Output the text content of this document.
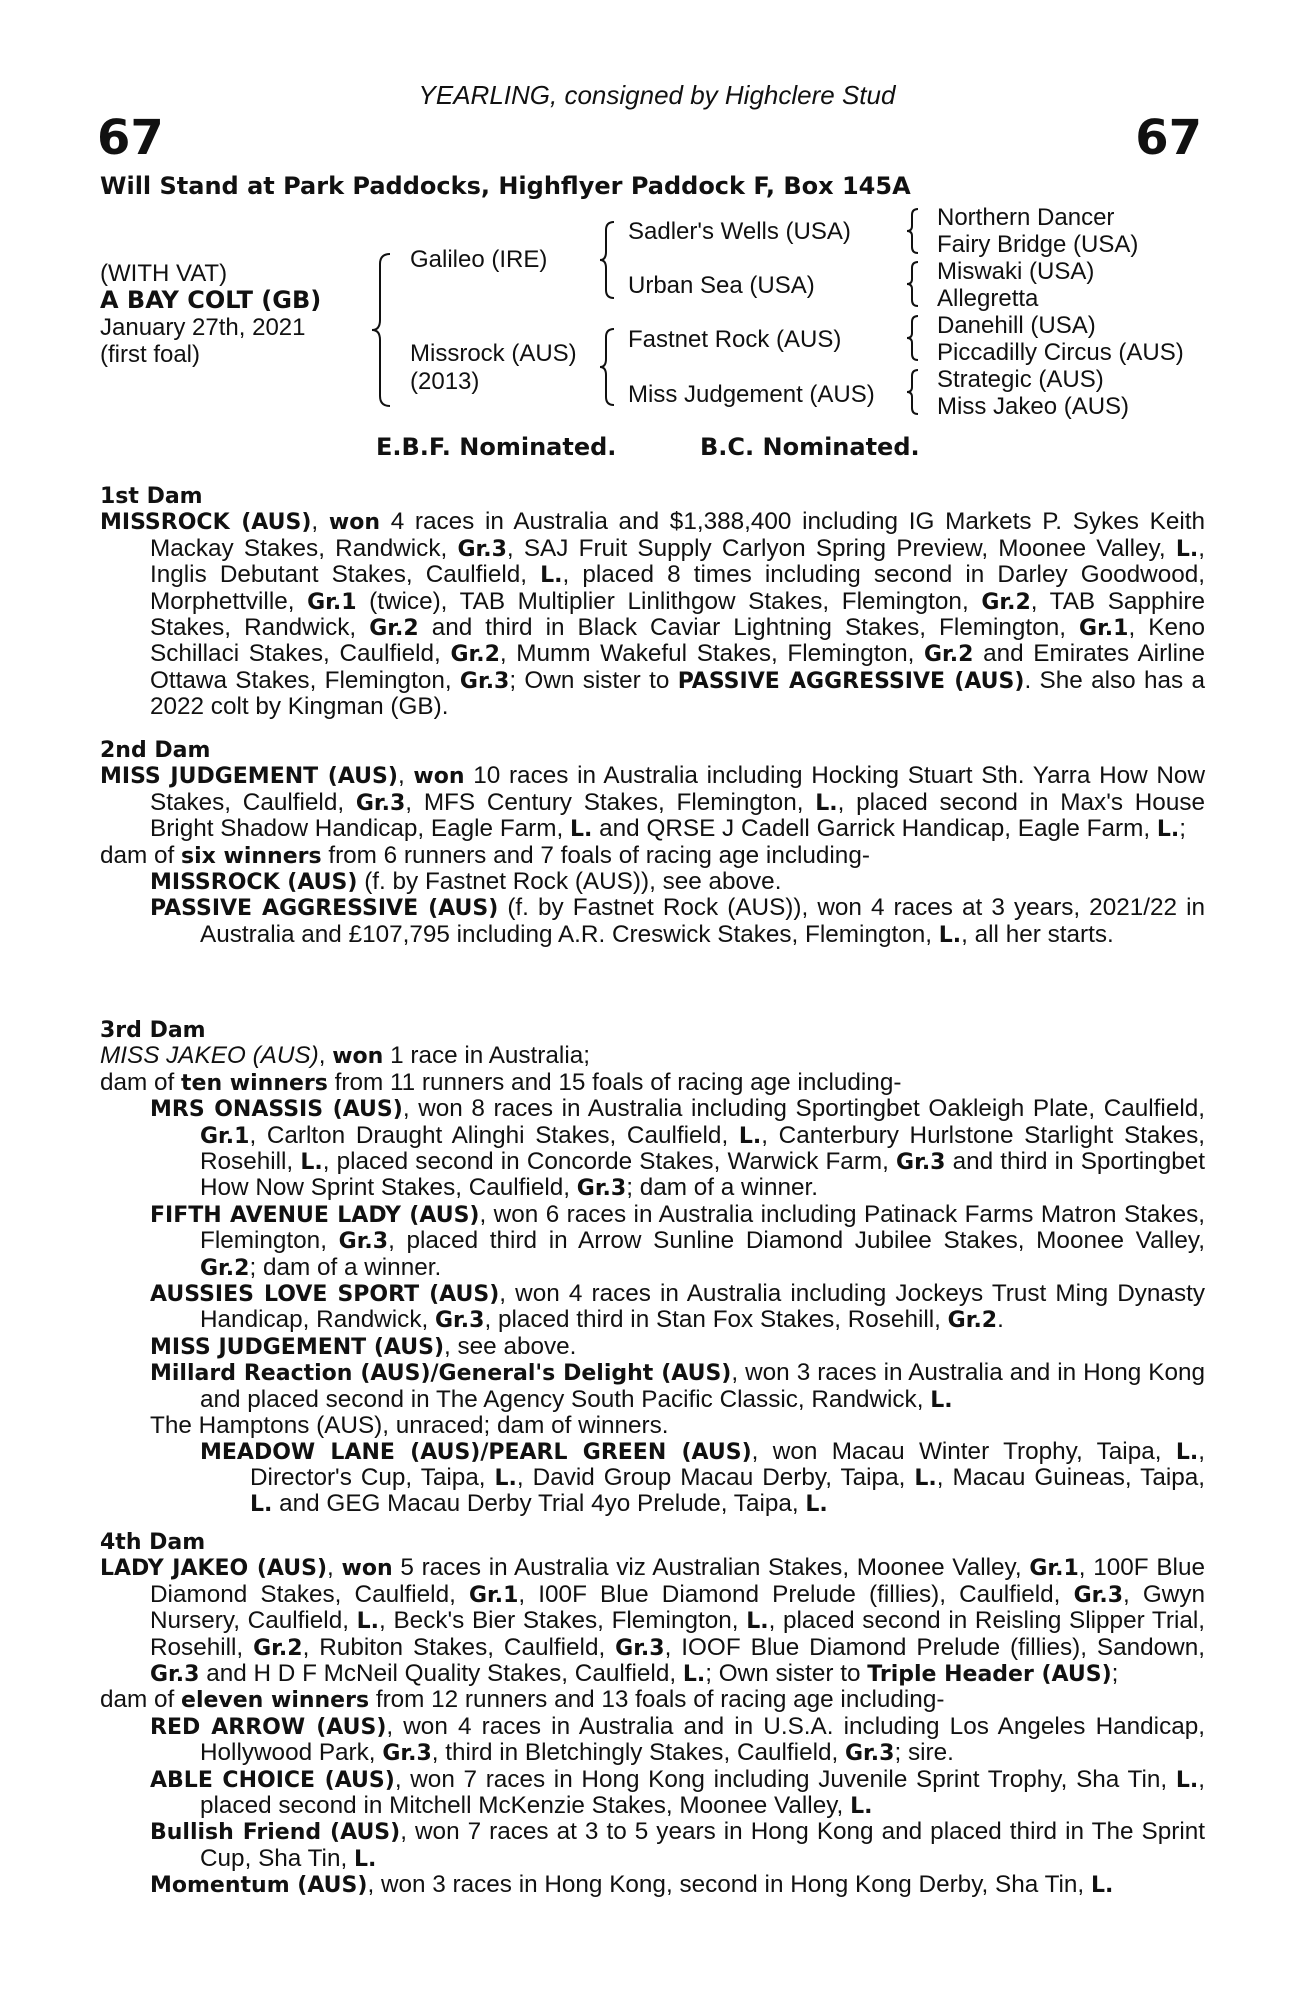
YEARLING, consigned by Highclere Stud
67	67
Will Stand at Park Paddocks, Highflyer Paddock F, Box 145A
(WITH VAT)
A BAY COLT (GB)
January 27th, 2021
(first foal)
Galileo (IRE)
Missrock (AUS)
(2013)
Sadler's Wells (USA)
Urban Sea (USA)
Fastnet Rock (AUS)
Miss Judgement (AUS)
Northern Dancer
Fairy Bridge (USA)
Miswaki (USA)
Allegretta
Danehill (USA)
Piccadilly Circus (AUS)
Strategic (AUS)
Miss Jakeo (AUS)
E.B.F. Nominated.	B.C. Nominated.
1st Dam

MISSROCK (AUS), won 4 races in Australia and $1,388,400 including IG Markets P. Sykes Keith Mackay Stakes, Randwick, Gr.3, SAJ Fruit Supply Carlyon Spring Preview, Moonee Valley, L., Inglis Debutant Stakes, Caulfield, L., placed 8 times including second in Darley Goodwood, Morphettville, Gr.1 (twice), TAB Multiplier Linlithgow Stakes, Flemington, Gr.2, TAB Sapphire Stakes, Randwick, Gr.2 and third in Black Caviar Lightning Stakes, Flemington, Gr.1, Keno Schillaci Stakes, Caulfield, Gr.2, Mumm Wakeful Stakes, Flemington, Gr.2 and Emirates Airline Ottawa Stakes, Flemington, Gr.3; Own sister to PASSIVE AGGRESSIVE (AUS). She also has a 2022 colt by Kingman (GB).

2nd Dam

MISS JUDGEMENT (AUS), won 10 races in Australia including Hocking Stuart Sth. Yarra How Now Stakes, Caulfield, Gr.3, MFS Century Stakes, Flemington, L., placed second in Max's House Bright Shadow Handicap, Eagle Farm, L. and QRSE J Cadell Garrick Handicap, Eagle Farm, L.;

dam of six winners from 6 runners and 7 foals of racing age including-

MISSROCK (AUS) (f. by Fastnet Rock (AUS)), see above.

PASSIVE AGGRESSIVE (AUS) (f. by Fastnet Rock (AUS)), won 4 races at 3 years, 2021/22 in Australia and £107,795 including A.R. Creswick Stakes, Flemington, L., all her starts.

3rd Dam

MISS JAKEO (AUS), won 1 race in Australia;

dam of ten winners from 11 runners and 15 foals of racing age including-

MRS ONASSIS (AUS), won 8 races in Australia including Sportingbet Oakleigh Plate, Caulfield, Gr.1, Carlton Draught Alinghi Stakes, Caulfield, L., Canterbury Hurlstone Starlight Stakes, Rosehill, L., placed second in Concorde Stakes, Warwick Farm, Gr.3 and third in Sportingbet How Now Sprint Stakes, Caulfield, Gr.3; dam of a winner.

FIFTH AVENUE LADY (AUS), won 6 races in Australia including Patinack Farms Matron Stakes, Flemington, Gr.3, placed third in Arrow Sunline Diamond Jubilee Stakes, Moonee Valley, Gr.2; dam of a winner.

AUSSIES LOVE SPORT (AUS), won 4 races in Australia including Jockeys Trust Ming Dynasty Handicap, Randwick, Gr.3, placed third in Stan Fox Stakes, Rosehill, Gr.2.

MISS JUDGEMENT (AUS), see above.

Millard Reaction (AUS)/General's Delight (AUS), won 3 races in Australia and in Hong Kong and placed second in The Agency South Pacific Classic, Randwick, L.

The Hamptons (AUS), unraced; dam of winners.

MEADOW LANE (AUS)/PEARL GREEN (AUS), won Macau Winter Trophy, Taipa, L., Director's Cup, Taipa, L., David Group Macau Derby, Taipa, L., Macau Guineas, Taipa, L. and GEG Macau Derby Trial 4yo Prelude, Taipa, L.

4th Dam

LADY JAKEO (AUS), won 5 races in Australia viz Australian Stakes, Moonee Valley, Gr.1, 100F Blue Diamond Stakes, Caulfield, Gr.1, I00F Blue Diamond Prelude (fillies), Caulfield, Gr.3, Gwyn Nursery, Caulfield, L., Beck's Bier Stakes, Flemington, L., placed second in Reisling Slipper Trial, Rosehill, Gr.2, Rubiton Stakes, Caulfield, Gr.3, IOOF Blue Diamond Prelude (fillies), Sandown, Gr.3 and H D F McNeil Quality Stakes, Caulfield, L.; Own sister to Triple Header (AUS);

dam of eleven winners from 12 runners and 13 foals of racing age including-

RED ARROW (AUS), won 4 races in Australia and in U.S.A. including Los Angeles Handicap, Hollywood Park, Gr.3, third in Bletchingly Stakes, Caulfield, Gr.3; sire.

ABLE CHOICE (AUS), won 7 races in Hong Kong including Juvenile Sprint Trophy, Sha Tin, L., placed second in Mitchell McKenzie Stakes, Moonee Valley, L.

Bullish Friend (AUS), won 7 races at 3 to 5 years in Hong Kong and placed third in The Sprint Cup, Sha Tin, L.

Momentum (AUS), won 3 races in Hong Kong, second in Hong Kong Derby, Sha Tin, L.
